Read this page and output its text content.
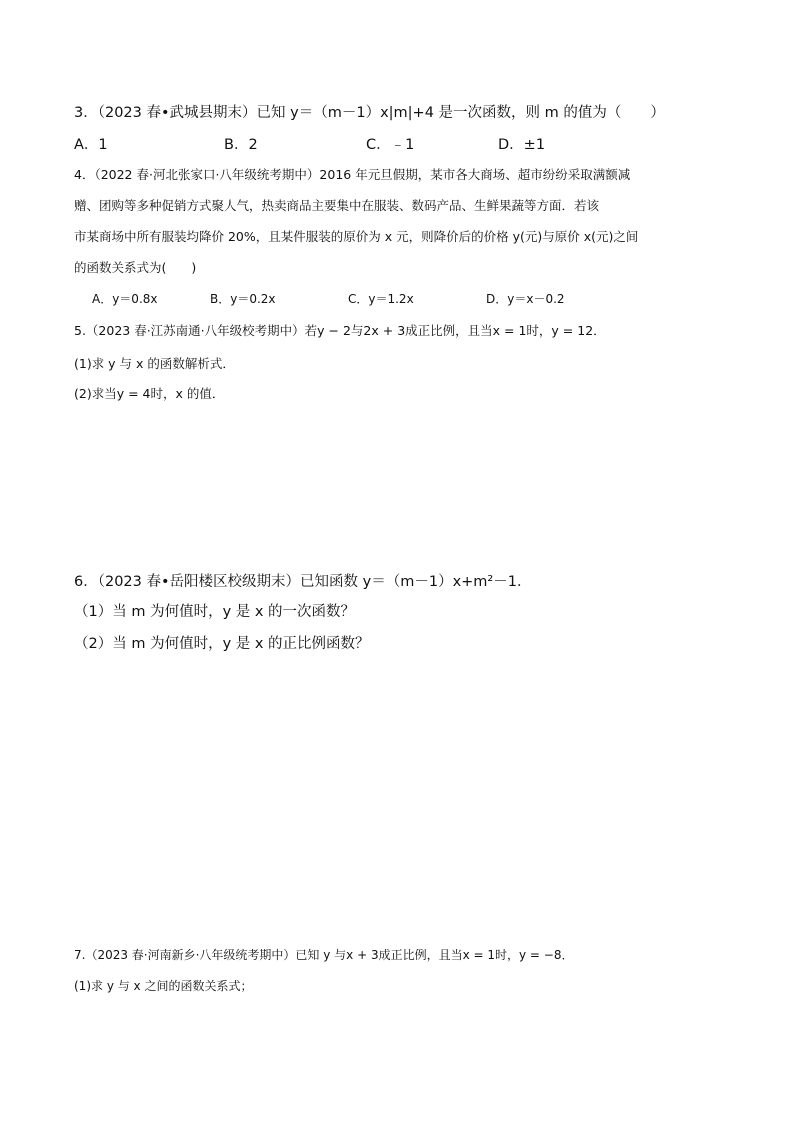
3．（2023 春•武城县期末）已知 y＝（m－1）x|m|+4 是一次函数，则 m 的值为（　　）
A．1	B．2	C．﹣1	D．±1
4．（2022 春·河北张家口·八年级统考期中）2016 年元旦假期，某市各大商场、超市纷纷采取满额减
赠、团购等多种促销方式聚人气，热卖商品主要集中在服装、数码产品、生鲜果蔬等方面．若该
市某商场中所有服装均降价 20%，且某件服装的原价为 x 元，则降价后的价格 y(元)与原价 x(元)之间
的函数关系式为(　　)
A．y＝0.8x	B．y＝0.2x	C．y＝1.2x	D．y＝x－0.2
5.（2023 春·江苏南通·八年级校考期中）若y − 2与2x + 3成正比例，且当x = 1时，y = 12．
(1)求 y 与 x 的函数解析式．
(2)求当y = 4时，x 的值．
6．（2023 春•岳阳楼区校级期末）已知函数 y＝（m－1）x+m²－1．
（1）当 m 为何值时，y 是 x 的一次函数？
（2）当 m 为何值时，y 是 x 的正比例函数？
7.（2023 春·河南新乡·八年级统考期中）已知 y 与x + 3成正比例，且当x = 1时，y = −8．
(1)求 y 与 x 之间的函数关系式；
